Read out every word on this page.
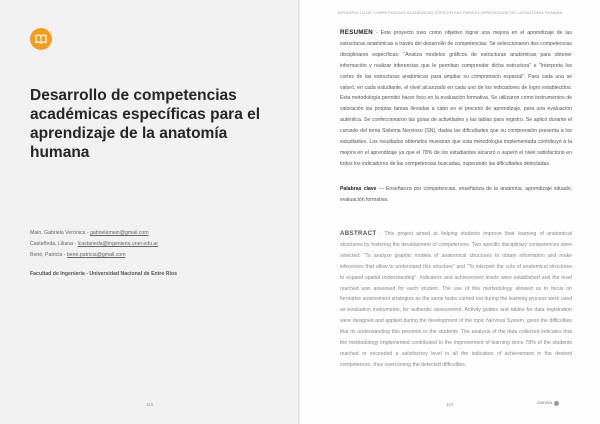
Desarrollo de competencias académicas específicas para el aprendizaje de la anatomía humana
Main, Gabriela Verónica - gabrielamain@gmail.com
Castañeda, Liliana - lcastaneda@ingenieria.uner.edu.ar
Bené, Patricia - benè.patricia@gmail.com
Facultad de Ingeniería - Universidad Nacional de Entre Ríos
118
DESARROLLO DE COMPETENCIAS ACADÉMICAS ESPECÍFICAS PARA EL APRENDIZAJE DE LA ANATOMÍA HUMANA

RESUMEN - Este proyecto tuvo como objetivo lograr una mejora en el aprendizaje de las estructuras anatómicas a través del desarrollo de competencias. Se seleccionaron dos competencias disciplinares específicas: "Analiza modelos gráficos de estructuras anatómicas para obtener información y realizar inferencias que le permitan comprender dicha estructura" e "Interpreta los cortes de las estructuras anatómicas para ampliar su comprensión espacial". Para cada una se valoró, en cada estudiante, el nivel alcanzado en cada uno de los indicadores de logro establecidos. Esta metodología permitió hacer foco en la evaluación formativa. Se utilizaron como instrumentos de valoración las propias tareas llevadas a cabo en el proceso de aprendizaje, para una evaluación auténtica. Se confeccionaron las guías de actividades y las tablas para registro. Se aplicó durante el cursado del tema Sistema Nervioso (SN), dadas las dificultades que su comprensión presenta a los estudiantes. Los resultados obtenidos muestran que esta metodología implementada contribuyó a la mejora en el aprendizaje ya que el 78% de los estudiantes alcanzó o superó el nivel satisfactorio en todos los indicadores de las competencias buscadas, superando las dificultades detectadas.

Palabras clave — Enseñanza por competencias, enseñanza de la anatomía, aprendizaje situado, evaluación formativa.

ABSTRACT - This project aimed at helping students improve their learning of anatomical structures by fostering the development of competences. Two specific disciplinary competences were selected: "To analyze graphic models of anatomical structures to obtain information and make inferences that allow to understand this structure" and "To interpret the cuts of anatomical structures to expand spatial understanding". Indicators and achievement levels were established and the level reached was assessed for each student. The use of this methodology allowed us to focus on formative assessment strategies as the same tasks carried out during the learning process were used as evaluation instruments, for authentic assessment. Activity guides and tables for data registration were designed and applied during the development of the topic Nervous System, given the difficulties that its understanding this presents to the students. The analysis of the data collected indicates that the methodology implemented contributed to the improvement of learning since 78% of the students reached or exceeded a satisfactory level in all the indicators of achievement in the desired competences, thus overcoming the detected difficulties.

119	ciencia
